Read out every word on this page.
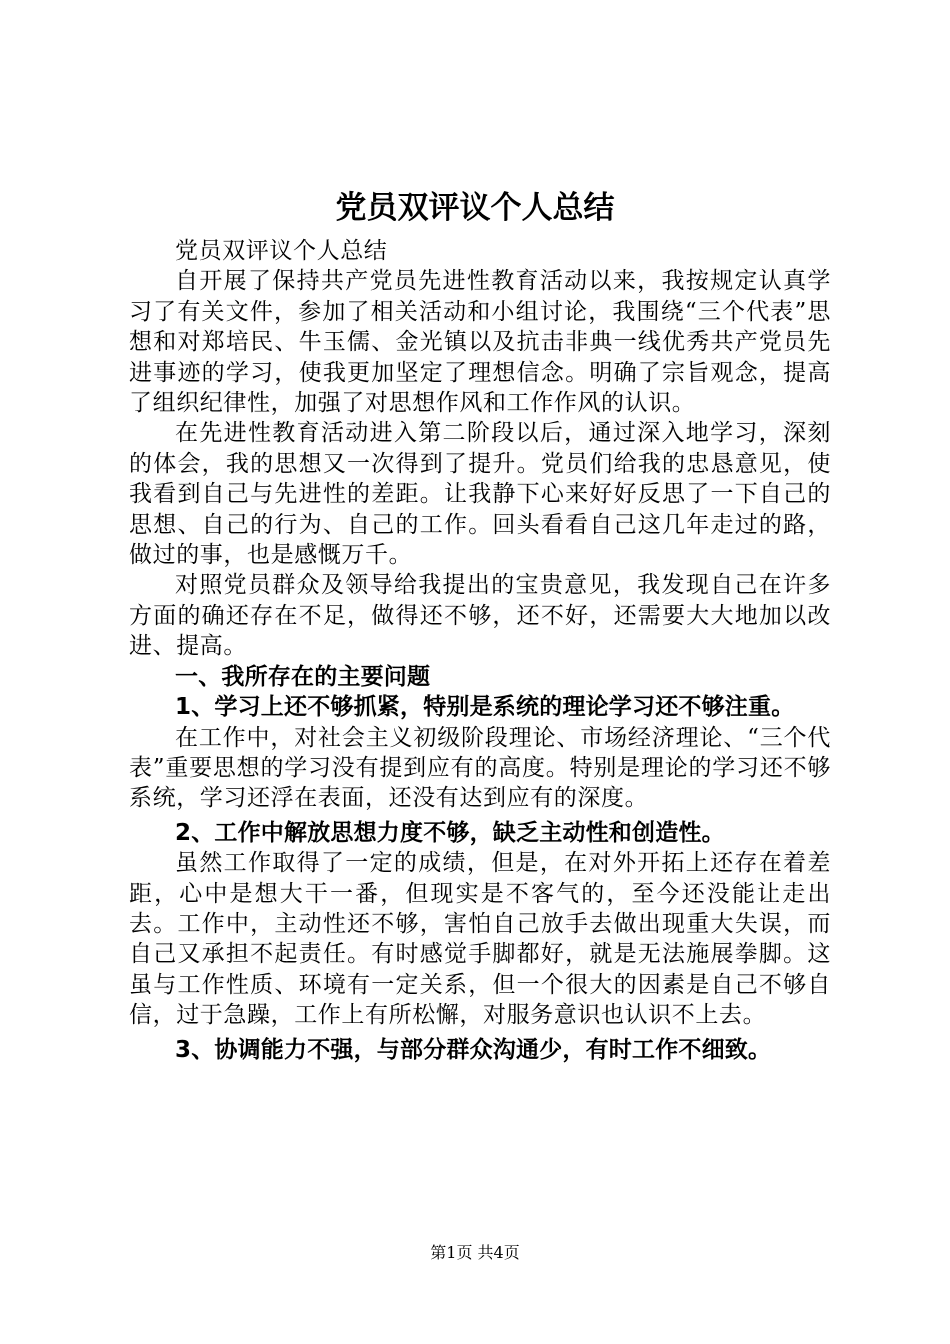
党员双评议个人总结

党员双评议个人总结

自开展了保持共产党员先进性教育活动以来，我按规定认真学习了有关文件，参加了相关活动和小组讨论，我围绕“三个代表”思想和对郑培民、牛玉儒、金光镇以及抗击非典一线优秀共产党员先进事迹的学习，使我更加坚定了理想信念。明确了宗旨观念，提高了组织纪律性，加强了对思想作风和工作作风的认识。

在先进性教育活动进入第二阶段以后，通过深入地学习，深刻的体会，我的思想又一次得到了提升。党员们给我的忠恳意见，使我看到自己与先进性的差距。让我静下心来好好反思了一下自己的思想、自己的行为、自己的工作。回头看看自己这几年走过的路，做过的事，也是感慨万千。

对照党员群众及领导给我提出的宝贵意见，我发现自己在许多方面的确还存在不足，做得还不够，还不好，还需要大大地加以改进、提高。

一、我所存在的主要问题

1、学习上还不够抓紧，特别是系统的理论学习还不够注重。

在工作中，对社会主义初级阶段理论、市场经济理论、“三个代表”重要思想的学习没有提到应有的高度。特别是理论的学习还不够系统，学习还浮在表面，还没有达到应有的深度。

2、工作中解放思想力度不够，缺乏主动性和创造性。

虽然工作取得了一定的成绩，但是，在对外开拓上还存在着差距，心中是想大干一番，但现实是不客气的，至今还没能让走出去。工作中，主动性还不够，害怕自己放手去做出现重大失误，而自己又承担不起责任。有时感觉手脚都好，就是无法施展拳脚。这虽与工作性质、环境有一定关系，但一个很大的因素是自己不够自信，过于急躁，工作上有所松懈，对服务意识也认识不上去。

3、协调能力不强，与部分群众沟通少，有时工作不细致。

第1页 共4页
